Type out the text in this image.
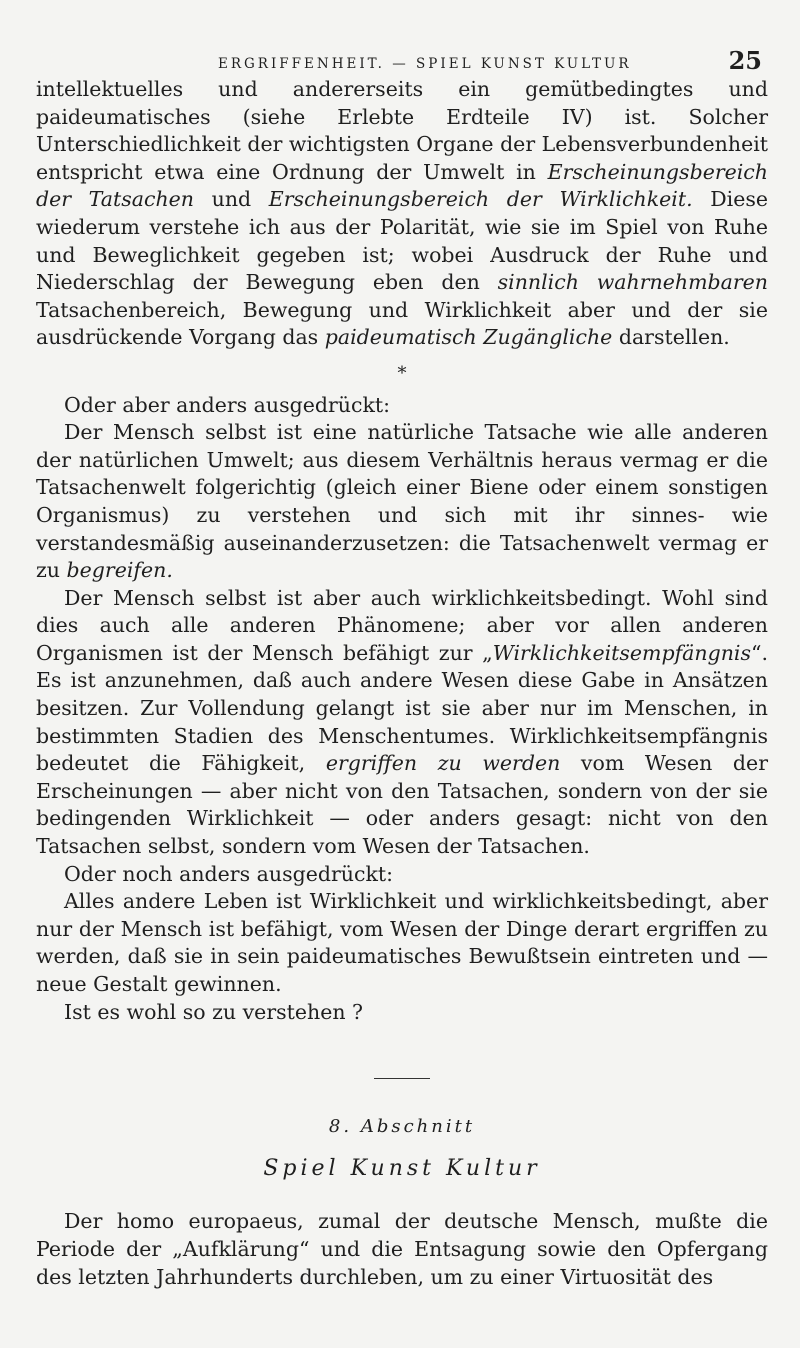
ERGRIFFENHEIT. — SPIEL KUNST KULTUR	25

intellektuelles und andererseits ein gemütbedingtes und paideumatisches (siehe Erlebte Erdteile IV) ist. Solcher Unterschiedlichkeit der wichtigsten Organe der Lebensverbundenheit entspricht etwa eine Ordnung der Umwelt in Erscheinungsbereich der Tatsachen und Erscheinungsbereich der Wirklichkeit. Diese wiederum verstehe ich aus der Polarität, wie sie im Spiel von Ruhe und Beweglichkeit gegeben ist; wobei Ausdruck der Ruhe und Niederschlag der Bewegung eben den sinnlich wahrnehmbaren Tatsachenbereich, Bewegung und Wirklichkeit aber und der sie ausdrückende Vorgang das paideumatisch Zugängliche darstellen.

*

Oder aber anders ausgedrückt:

Der Mensch selbst ist eine natürliche Tatsache wie alle anderen der natürlichen Umwelt; aus diesem Verhältnis heraus vermag er die Tatsachenwelt folgerichtig (gleich einer Biene oder einem sonstigen Organismus) zu verstehen und sich mit ihr sinnes- wie verstandesmäßig auseinanderzusetzen: die Tatsachenwelt vermag er zu begreifen.

Der Mensch selbst ist aber auch wirklichkeitsbedingt. Wohl sind dies auch alle anderen Phänomene; aber vor allen anderen Organismen ist der Mensch befähigt zur „Wirklichkeitsempfängnis“. Es ist anzunehmen, daß auch andere Wesen diese Gabe in Ansätzen besitzen. Zur Vollendung gelangt ist sie aber nur im Menschen, in bestimmten Stadien des Menschentumes. Wirklichkeitsempfängnis bedeutet die Fähigkeit, ergriffen zu werden vom Wesen der Erscheinungen — aber nicht von den Tatsachen, sondern von der sie bedingenden Wirklichkeit — oder anders gesagt: nicht von den Tatsachen selbst, sondern vom Wesen der Tatsachen.

Oder noch anders ausgedrückt:

Alles andere Leben ist Wirklichkeit und wirklichkeitsbedingt, aber nur der Mensch ist befähigt, vom Wesen der Dinge derart ergriffen zu werden, daß sie in sein paideumatisches Bewußtsein eintreten und — neue Gestalt gewinnen.

Ist es wohl so zu verstehen ?

8. Abschnitt
Spiel Kunst Kultur

Der homo europaeus, zumal der deutsche Mensch, mußte die Periode der „Aufklärung“ und die Entsagung sowie den Opfergang des letzten Jahrhunderts durchleben, um zu einer Virtuosität des
